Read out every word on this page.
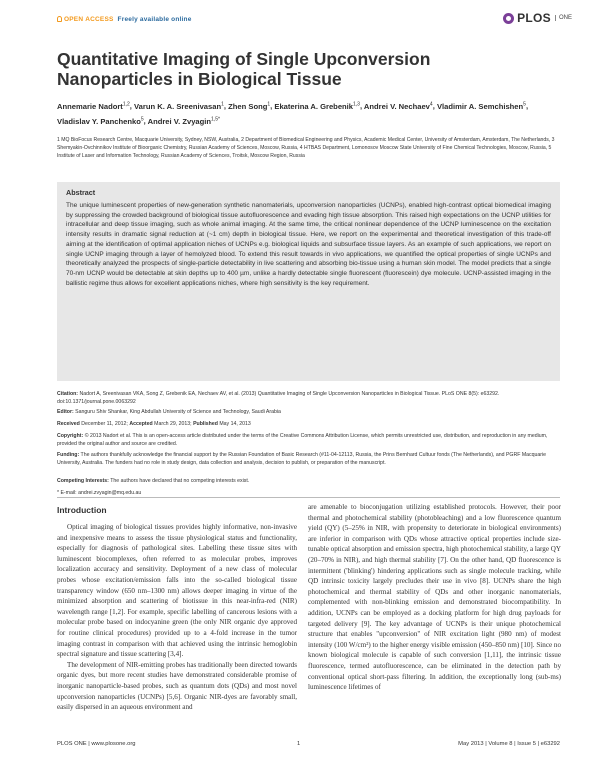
OPEN ACCESS Freely available online	PLOS	ONE
Quantitative Imaging of Single Upconversion Nanoparticles in Biological Tissue
Annemarie Nadort$^{1,2}$, Varun K. A. Sreenivasan$^1$, Zhen Song$^1$, Ekaterina A. Grebenik$^{1,3}$, Andrei V. Nechaev$^4$, Vladimir A. Semchishen$^5$, Vladislav Y. Panchenko$^5$, Andrei V. Zvyagin$^{1,5*}$
1 MQ BioFocus Research Centre, Macquarie University, Sydney, NSW, Australia, 2 Department of Biomedical Engineering and Physics, Academic Medical Center, University of Amsterdam, Amsterdam, The Netherlands, 3 Shemyakin-Ovchinnikov Institute of Bioorganic Chemistry, Russian Academy of Sciences, Moscow, Russia, 4 HTBAS Department, Lomonosov Moscow State University of Fine Chemical Technologies, Moscow, Russia, 5 Institute of Laser and Information Technology, Russian Academy of Sciences, Troitsk, Moscow Region, Russia
Abstract
The unique luminescent properties of new-generation synthetic nanomaterials, upconversion nanoparticles (UCNPs), enabled high-contrast optical biomedical imaging by suppressing the crowded background of biological tissue autofluorescence and evading high tissue absorption. This raised high expectations on the UCNP utilities for intracellular and deep tissue imaging, such as whole animal imaging. At the same time, the critical nonlinear dependence of the UCNP luminescence on the excitation intensity results in dramatic signal reduction at (~1 cm) depth in biological tissue. Here, we report on the experimental and theoretical investigation of this trade-off aiming at the identification of optimal application niches of UCNPs e.g. biological liquids and subsurface tissue layers. As an example of such applications, we report on single UCNP imaging through a layer of hemolyzed blood. To extend this result towards in vivo applications, we quantified the optical properties of single UCNPs and theoretically analyzed the prospects of single-particle detectability in live scattering and absorbing bio-tissue using a human skin model. The model predicts that a single 70-nm UCNP would be detectable at skin depths up to 400 µm, unlike a hardly detectable single fluorescent (fluorescein) dye molecule. UCNP-assisted imaging in the ballistic regime thus allows for excellent applications niches, where high sensitivity is the key requirement.
Citation: Nadort A, Sreenivasan VKA, Song Z, Grebenik EA, Nechaev AV, et al. (2013) Quantitative Imaging of Single Upconversion Nanoparticles in Biological Tissue. PLoS ONE 8(5): e63292. doi:10.1371/journal.pone.0063292
Editor: Sanguru Shiv Shankar, King Abdullah University of Science and Technology, Saudi Arabia
Received December 11, 2012; Accepted March 29, 2013; Published May 14, 2013
Copyright: © 2013 Nadort et al. This is an open-access article distributed under the terms of the Creative Commons Attribution License, which permits unrestricted use, distribution, and reproduction in any medium, provided the original author and source are credited.
Funding: The authors thankfully acknowledge the financial support by the Russian Foundation of Basic Research (#11-04-12113, Russia, the Prins Bernhard Cultuur fonds (The Netherlands), and PGRF Macquarie University, Australia. The funders had no role in study design, data collection and analysis, decision to publish, or preparation of the manuscript.
Competing Interests: The authors have declared that no competing interests exist.
* E-mail: andrei.zvyagin@mq.edu.au
Introduction

Optical imaging of biological tissues provides highly informative, non-invasive and inexpensive means to assess the tissue physiological status and functionality, especially for diagnosis of pathological sites. Labelling these tissue sites with luminescent biocomplexes, often referred to as molecular probes, improves localization accuracy and sensitivity. Deployment of a new class of molecular probes whose excitation/emission falls into the so-called biological tissue transparency window (650 nm–1300 nm) allows deeper imaging in virtue of the minimized absorption and scattering of biotissue in this near-infra-red (NIR) wavelength range [1,2]. For example, specific labelling of cancerous lesions with a molecular probe based on indocyanine green (the only NIR organic dye approved for routine clinical procedures) provided up to a 4-fold increase in the tumor imaging contrast in comparison with that achieved using the intrinsic hemoglobin spectral signature and tissue scattering [3,4].

The development of NIR-emitting probes has traditionally been directed towards organic dyes, but more recent studies have demonstrated considerable promise of inorganic nanoparticle-based probes, such as quantum dots (QDs) and most novel upconversion nanoparticles (UCNPs) [5,6]. Organic NIR-dyes are favorably small, easily dispersed in an aqueous environment and

are amenable to bioconjugation utilizing established protocols. However, their poor thermal and photochemical stability (photobleaching) and a low fluorescence quantum yield (QY) (5–25% in NIR, with propensity to deteriorate in biological environments) are inferior in comparison with QDs whose attractive optical properties include size-tunable optical absorption and emission spectra, high photochemical stability, a large QY (20–70% in NIR), and high thermal stability [7]. On the other hand, QD fluorescence is intermittent ('blinking') hindering applications such as single molecule tracking, while QD intrinsic toxicity largely precludes their use in vivo [8]. UCNPs share the high photochemical and thermal stability of QDs and other inorganic nanomaterials, complemented with non-blinking emission and demonstrated biocompatibility. In addition, UCNPs can be employed as a docking platform for high drug payloads for targeted delivery [9]. The key advantage of UCNPs is their unique photochemical structure that enables "upconversion" of NIR excitation light (980 nm) of modest intensity (100 W/cm²) to the higher energy visible emission (450–850 nm) [10]. Since no known biological molecule is capable of such conversion [1,11], the intrinsic tissue fluorescence, termed autofluorescence, can be eliminated in the detection path by conventional optical short-pass filtering. In addition, the exceptionally long (sub-ms) luminescence lifetimes of

PLOS ONE | www.plosone.org	1	May 2013 | Volume 8 | Issue 5 | e63292
